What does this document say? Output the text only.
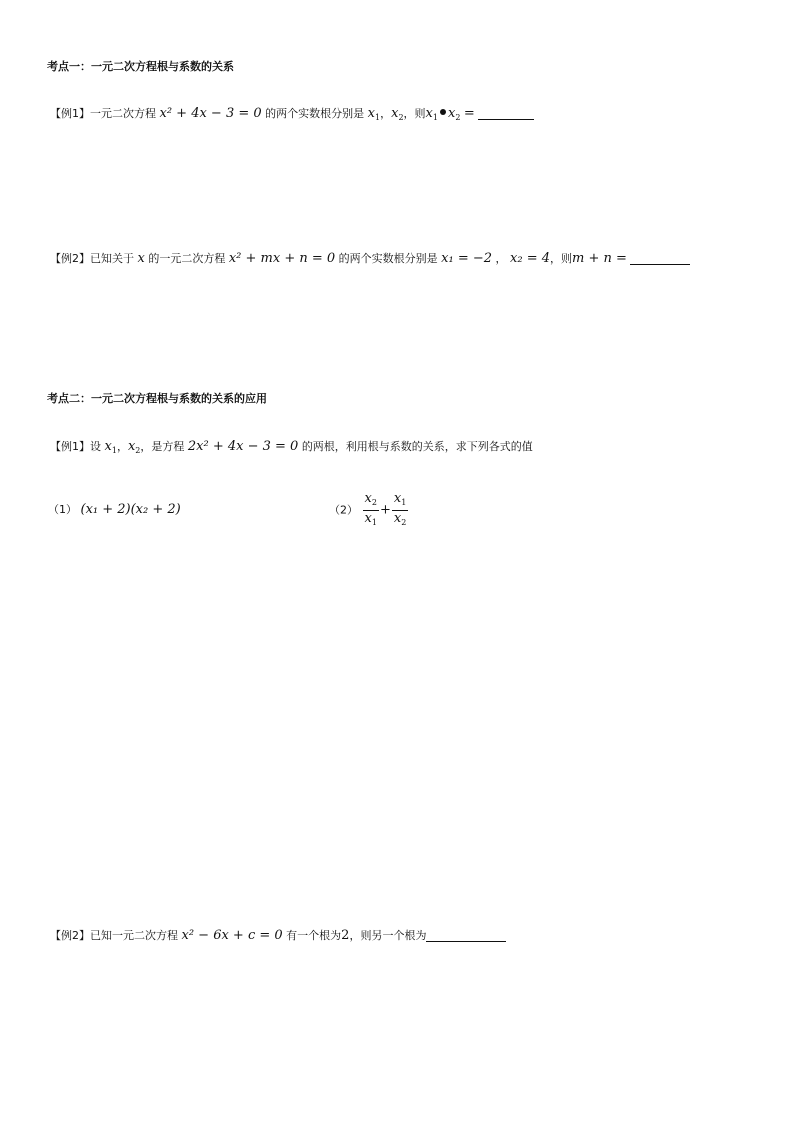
考点一：一元二次方程根与系数的关系
【例1】一元二次方程 x² + 4x − 3 = 0 的两个实数根分别是 $x_1$，$x_2$，则$x_1$ $x_2$ =
【例2】已知关于 x 的一元二次方程 x² + mx + n = 0 的两个实数根分别是 x₁ = −2 ， x₂ = 4，则m + n =
考点二：一元二次方程根与系数的关系的应用
【例1】设 $x_1$，$x_2$，是方程 2x² + 4x − 3 = 0 的两根，利用根与系数的关系，求下列各式的值
（1） (x₁ + 2)(x₂ + 2)	$(2) \frac{x_2}{x_1} + \frac{x_1}{x_2}$
【例2】已知一元二次方程 x² − 6x + c = 0 有一个根为2，则另一个根为
